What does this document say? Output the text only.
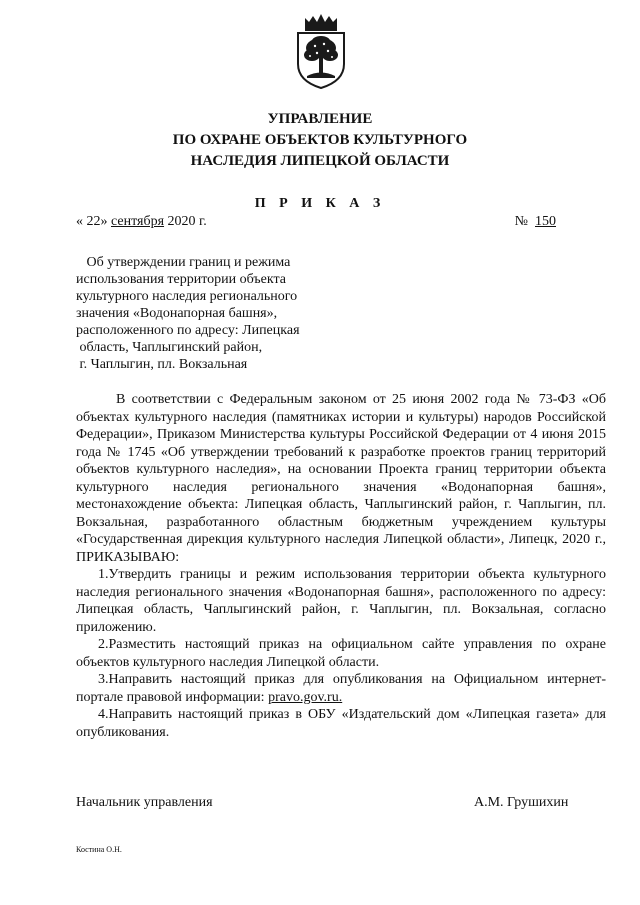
УПРАВЛЕНИЕ
ПО ОХРАНЕ ОБЪЕКТОВ КУЛЬТУРНОГО
НАСЛЕДИЯ ЛИПЕЦКОЙ ОБЛАСТИ
П Р И К А З
« 22» сентября 2020 г.	№ 150
Об утверждении границ и режима
использования территории объекта
культурного наследия регионального
значения «Водонапорная башня»,
расположенного по адресу: Липецкая
область, Чаплыгинский район,
г. Чаплыгин, пл. Вокзальная

В соответствии с Федеральным законом от 25 июня 2002 года № 73-ФЗ «Об объектах культурного наследия (памятниках истории и культуры) народов Российской Федерации», Приказом Министерства культуры Российской Федерации от 4 июня 2015 года № 1745 «Об утверждении требований к разработке проектов границ территорий объектов культурного наследия», на основании Проекта границ территории объекта культурного наследия регионального значения «Водонапорная башня», местонахождение объекта: Липецкая область, Чаплыгинский район, г. Чаплыгин, пл. Вокзальная, разработанного областным бюджетным учреждением культуры «Государственная дирекция культурного наследия Липецкой области», Липецк, 2020 г., ПРИКАЗЫВАЮ:

1.Утвердить границы и режим использования территории объекта культурного наследия регионального значения «Водонапорная башня», расположенного по адресу: Липецкая область, Чаплыгинский район, г. Чаплыгин, пл. Вокзальная, согласно приложению.

2.Разместить настоящий приказ на официальном сайте управления по охране объектов культурного наследия Липецкой области.

3.Направить настоящий приказ для опубликования на Официальном интернет-портале правовой информации: pravo.gov.ru.

4.Направить настоящий приказ в ОБУ «Издательский дом «Липецкая газета» для опубликования.

Начальник управления	А.М. Грушихин
Костина О.Н.
